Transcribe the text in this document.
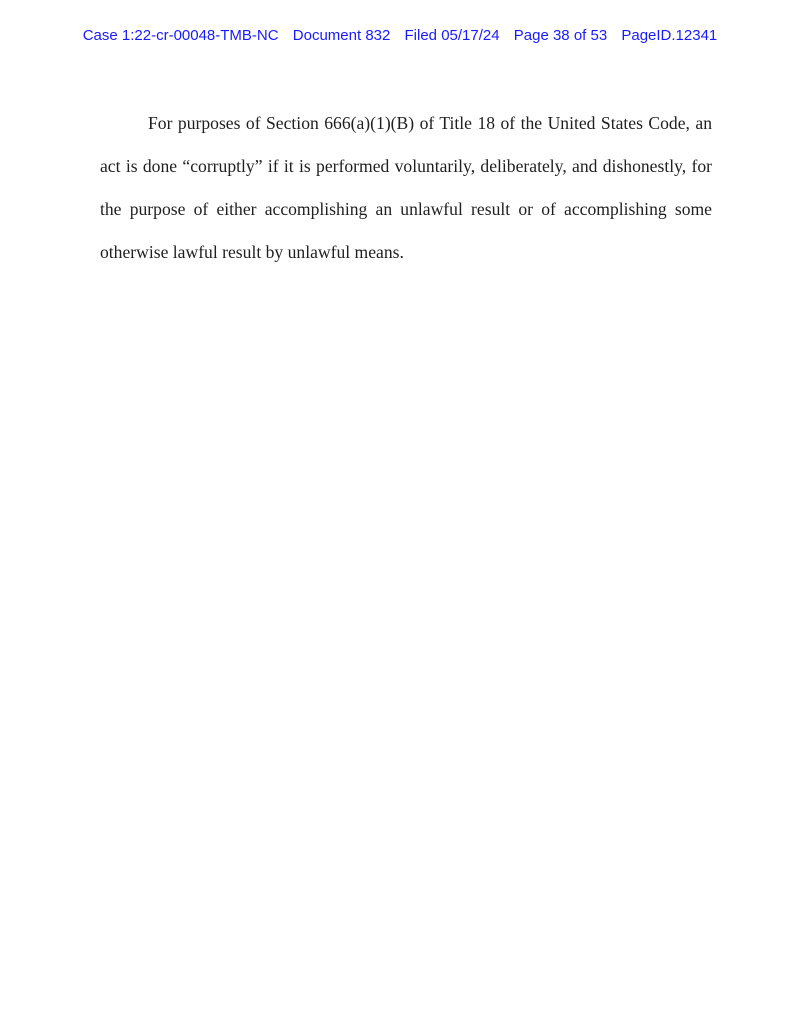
Case 1:22-cr-00048-TMB-NC Document 832 Filed 05/17/24 Page 38 of 53 PageID.12341

For purposes of Section 666(a)(1)(B) of Title 18 of the United States Code, an act is done “corruptly” if it is performed voluntarily, deliberately, and dishonestly, for the purpose of either accomplishing an unlawful result or of accomplishing some otherwise lawful result by unlawful means.
